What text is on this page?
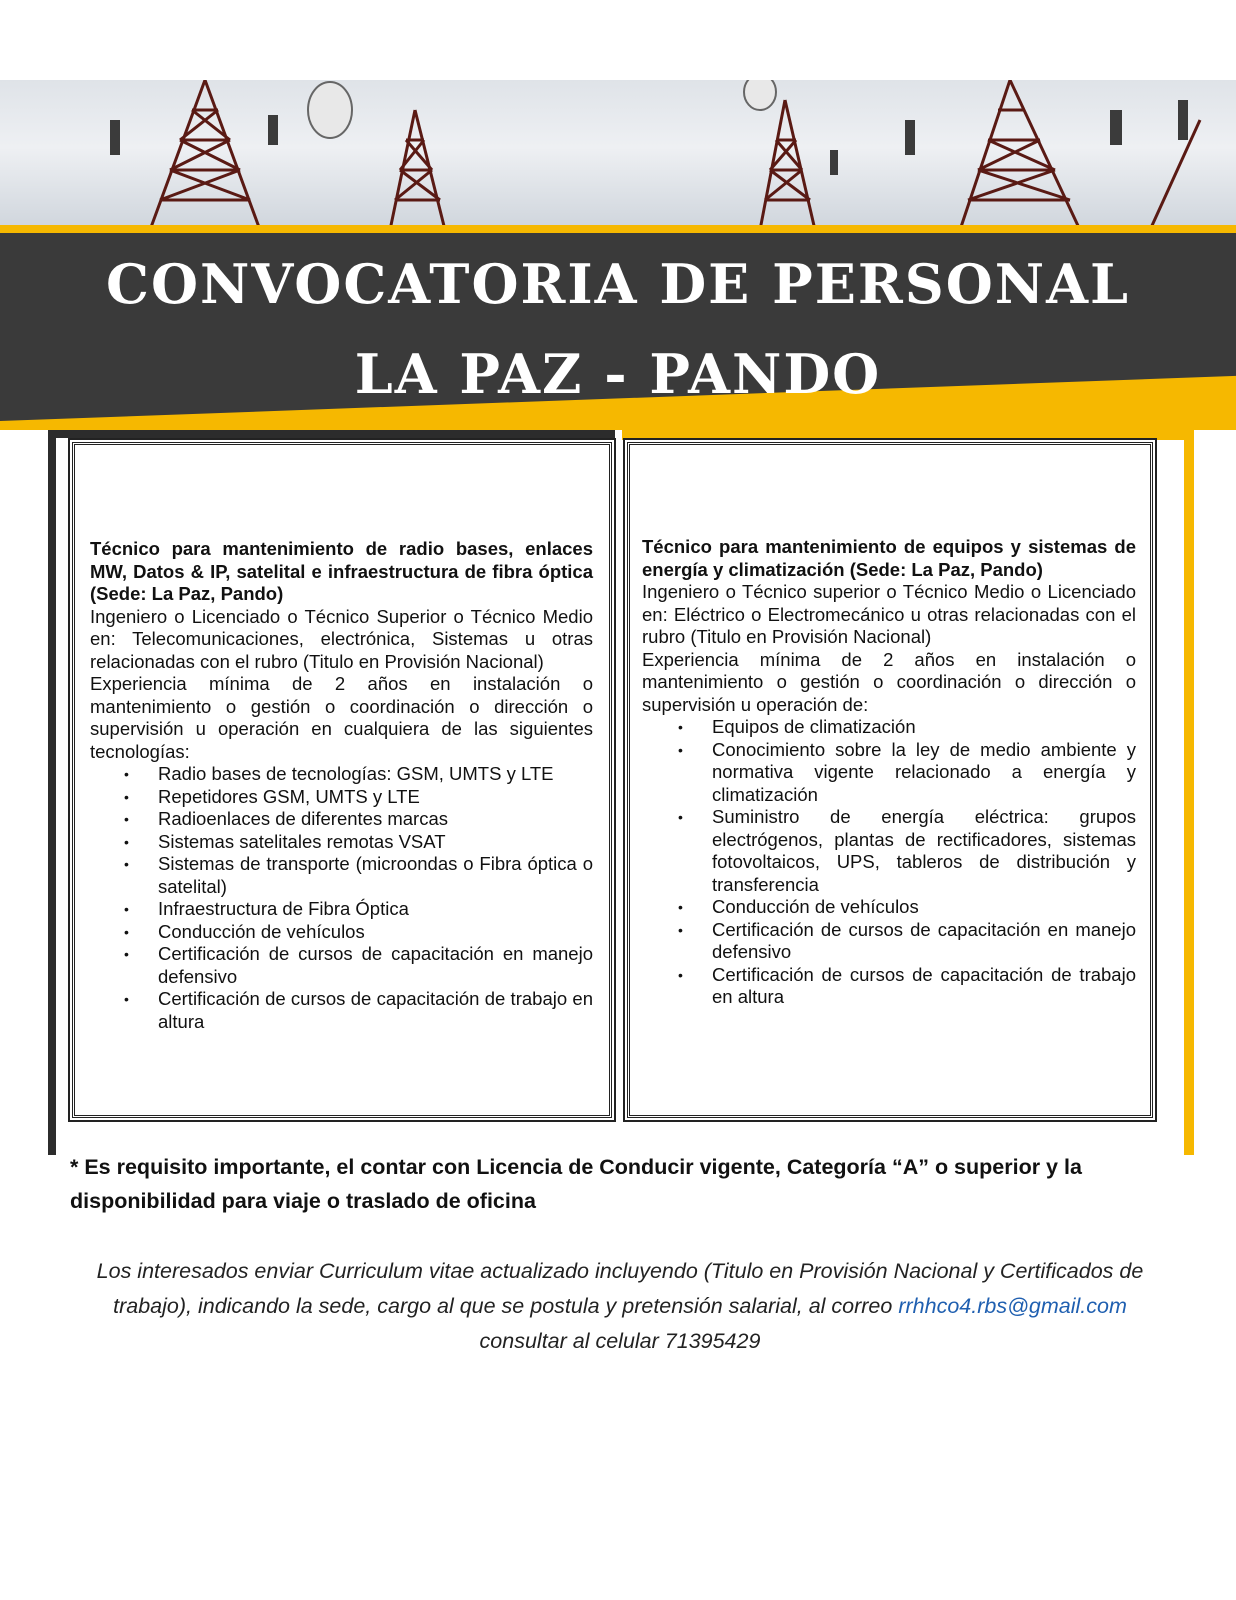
CONVOCATORIA DE PERSONAL
LA PAZ - PANDO
Técnico para mantenimiento de radio bases, enlaces MW, Datos & IP, satelital e infraestructura de fibra óptica (Sede: La Paz, Pando)

Ingeniero o Licenciado o Técnico Superior o Técnico Medio en: Telecomunicaciones, electrónica, Sistemas u otras relacionadas con el rubro (Titulo en Provisión Nacional)

Experiencia mínima de 2 años en instalación o mantenimiento o gestión o coordinación o dirección o supervisión u operación en cualquiera de las siguientes tecnologías:

• Radio bases de tecnologías: GSM, UMTS y LTE
• Repetidores GSM, UMTS y LTE
• Radioenlaces de diferentes marcas
• Sistemas satelitales remotas VSAT
• Sistemas de transporte (microondas o Fibra óptica o satelital)
• Infraestructura de Fibra Óptica
• Conducción de vehículos
• Certificación de cursos de capacitación en manejo defensivo
• Certificación de cursos de capacitación de trabajo en altura
Técnico para mantenimiento de equipos y sistemas de energía y climatización (Sede: La Paz, Pando)

Ingeniero o Técnico superior o Técnico Medio o Licenciado en: Eléctrico o Electromecánico u otras relacionadas con el rubro (Titulo en Provisión Nacional)

Experiencia mínima de 2 años en instalación o mantenimiento o gestión o coordinación o dirección o supervisión u operación de:

• Equipos de climatización
• Conocimiento sobre la ley de medio ambiente y normativa vigente relacionado a energía y climatización
• Suministro de energía eléctrica: grupos electrógenos, plantas de rectificadores, sistemas fotovoltaicos, UPS, tableros de distribución y transferencia
• Conducción de vehículos
• Certificación de cursos de capacitación en manejo defensivo
• Certificación de cursos de capacitación de trabajo en altura
* Es requisito importante, el contar con Licencia de Conducir vigente, Categoría “A” o superior y la disponibilidad para viaje o traslado de oficina
Los interesados enviar Curriculum vitae actualizado incluyendo (Titulo en Provisión Nacional y Certificados de trabajo), indicando la sede, cargo al que se postula y pretensión salarial, al correo rrhhco4.rbs@gmail.com
consultar al celular 71395429
